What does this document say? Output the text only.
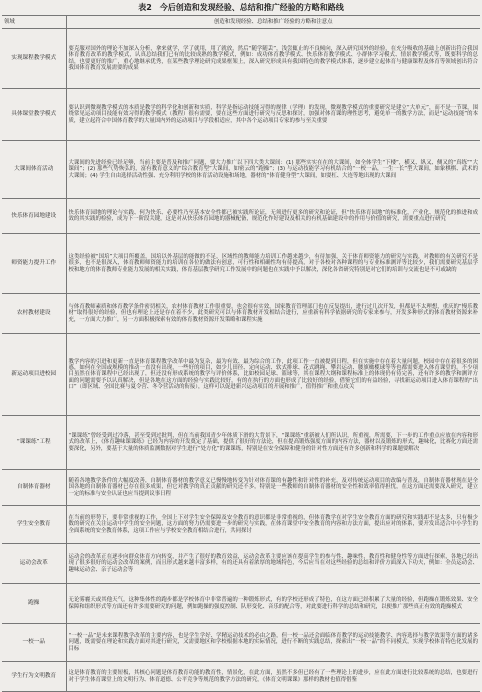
表2 今后创造和发现经验、总结和推广经验的方略和路线
领域	创造和发现经验、总结和推广经验的方略和注意点
实现课程教学模式	要克服对国外的理论不加深入分析，拿来就学，学了就用，用了就放，然后“随学随丢”，浅尝辄止的不良倾向，深入研究国外的经验，在充分吸收的基础上创新出符合我国体育教育改革的教学模式，认真总结我们已有的比较成熟的教学模式，例如：成功体育教学模式、快乐体育教学模式、小群体学习模式、情景教学模式等，既要科学的总结，也要更好的推广，重心地继承优秀，在某些教学理论研究成果框架上，深入研究形成具有我国特色的教学模式体系，逐步建立起体育与健康课程及体育等领域创出符合我国体育教育发展需要的成果
具体课堂教学模式	要认识到微观教学模式的本质是教学的科学化和创新和实质，科学是指运动技能习得的规律（学理）的发现，微观教学模式的重要研究是建立“大单元”，而不是一节课，围绕常见运动项目技能有效习得的教学模式（教程）很有需要，要在这些方面进行研究与反思和探讨，加强对体育课的理性思考，避免单一的教学方法，而是“运动技能”的本质，建立起符合中国体育教学的大量国内外的运动项目与学段相适应，其中各个运动项目专家的参与至关重要
大课间体育活动	大课间的先进经验已经足够，当前主要是普及和推广问题，要大力推广以下四大类大课间：(1) 那些实实在在的大课间，如全体学生“下楼”，横又、纵又、侧又的“真练”“大课间”；(2) 那些气势恢弘的，富有教育意义的“综合教育型”大课间，如密云的“跑操”；(3) 与运动技能学习有机结合的“一校一品，一生一长”型大课间，如象棋棋、武术的大课间；(4) 学生自由选择活动性强、充分利用学校的体育活动设施和场地，器材的“体育健身型”大课间，如耍杠、大连等地出现的大课间
快乐体育园地建设	快乐体育园地的理论与实践、何为快乐、必要性乃至基本安全性都已被实践所论证，无须进行更多的研究和论证，但“快乐体育园地”的标准化，产业化、规范化的推进和成效的其实践的检验，成为下一阶段关键，这是对从快乐体育园地的器械配备，规范化作好建设及相关的有机基础建设中的作用与价值的研究，需要重点进行研究
师资能力提升工作	这类经验被“国培”大项目所覆盖，国培以外基层的能做的不足，区域性的教师能力培训工作越来越少，有待加强，关于体育师资能力的研究与实践，对教师的有关研究不是很多，也不是很深入，体育教师师资能力的培训在各位的做法有创意，可行性和相确性均有待提高，对于各校对各种课程的与专业标准测评等比较少，我们需要研究基层学校和地方的体育教师专业能力发展的相关实践，体育基层教学研究工作发展中的问题也在实践中予以解决，深化各省研究特别是对它们的培训与交流也是不可或缺的
农村教材建设	与体育教师素质和体育教学条件密切相关，农村体育教材工作很重要，也会很有实效，国家教育管理部门也在反复提出，进行过几次开发，但都是不太理想，重庆的“慢乐教材”取得很好的经验，但也有理论上还是存在着不少，此类研究可以与体育教材开发相结合进行，应重新有科学依据研究的专家来参与，开发多种形式的体育教材资源来补充，一方面大力推广，另一方面积极探索有效的体育教材资源开发策略和课程实施
新运动项目进校园	教学内容的引进和更新一直是体育课程教学改革中最为复杂，最为有效、最为综合的工作，此项工作一直被提到日程，但在实施中存在着大量问题，校园中存在着很多的困惑，如何在全国或规模的推动一直没有出现，一些好的项目，如少儿田径、定向运动、软式排球、花式跳绳、攀岩运动、腰旗橄榄球等等也都需要进入体育课堂的。不少项目虽然在体育课程中已经出现了，但还没有形成系统的教学与评价体系，比如校园足球、篮球等，其在课程大纲和课程标准上的体现仍有待完善，还有许多的教学和测评方面的问题需要予以认真解决，但是各地在这方面的经验与实践比较好，有的在执行的方面也形成了比较好的经验，借鉴它们的有益经验，寻找新运动项目进入体育课程的“出口”（即区域、全国比赛与夏令营、冬令营活动的衔接），这样可以促进新兴运动项目的开展和推广，值得推广和重点攻关
“课课练”工程	“课课练”曾经受到过冷落，甚至受到过批判，但在当前我国青少年体质下滑的大背景下，“课课练”重新被人们所认识，所重视，所需要，下一步的工作重点应放在内容和形式的改革上，《体育趣味课课练》已经为内容的开发奠定了基础，提供了很好的方法论，但在提高锻炼强度方面的内容方法，器材以及锻炼的形式，趣味化，比赛化方面还需要深化，另外，要基于大量的体质监测数据对学生进行“处方化”的课课练，特别是在安全保障和健身的针对性方面还有许多创新和科学的课题要解决
自制体育器材	随着各地教学条件的大幅度改善，自制体育器材的教学意义已慢慢地转变为针对体育课的有趣性和针对性的补充，及对传统运动项目的改编与普及，自制体育器材现在是全国各地的自制体育器材已存在很多成果，但它对教学的真正贡献的研究还不多，特别是一些教师的自制体育器材的安全性和效率值得担忧，在这方面还需要深入研究，建立一定的标准与安全认证也应当提到议事日程
学生安全教育	在当前的形势下，要非常重视的工作，全国上下对学生安全保障及安全教育的意识都是非常重视的，但体育教学在对学生安全教育方面的研究和实践却不是太多，只有极少数的研究在关注运动中学生的安全问题，这方面的努力仍需要进一步的研究与实践，在体育课堂中安全教育的内容和方法方面，提出应对的体系，要开发出适合中小学生的全面系统的安全教育体系，这项工作应与学校安全教育相结合进行，共同探讨
运动会改革	运动会的改革正在逐步向群众体育方向转变，并产生了很好的教育效益，运动会改革主要应该在提高学生的参与性、趣味性，教育性和健身性等方面进行探索，各地已经出现了很多很好的运动会改革的案例，而且形式越来越丰富多样，有的还具有着浓厚的地域特色，今后应当在对这些经验的总结和评价方面深入下功夫，例如：全员运动会、趣味运动会、亲子运动会等
跑操	无论雾霾天或其他天气，这种集体性的跑步都是学校体育中非常普遍的一种锻炼形式，有的学校还形成了特色，在这方面已经积累了大量的经验，但跑操在锻炼效果、安全保障和组织形式等方面还有许多需要研究的问题，例如跑操的强度控制、队形变化、音乐的配合等，对此要进行科学的总结和研究，以便推广那些真正有效的跑操模式
一校一品	“一校一品”是未来课程教学改革的主要内容，也是学生学好、学精运动技术的必由之路，但一校一品还会面临体育教学的运动技能教学、内容选择与教学效果等方面的诸多问题，既需要在理论和实践方面对其进行研究，又需要地区和学校根据本地的实际情况，进行不断的实践总结，探索出“一校一品”的不同模式，实现学校体育特色化发展的目标
学生行为文明教育	这是体育教育的主要短板，其核心问题是体育教育功能的教育性，情景化，在此方面，虽然不多但已经有了一些理论上的进步，应在此方面进行比较系统的总结，也要进行对于学生体育课堂上的文明行为、体育道德、公平竞争等规范的教学方法的研究，《体育文明课课》那样的教材也值得借鉴
